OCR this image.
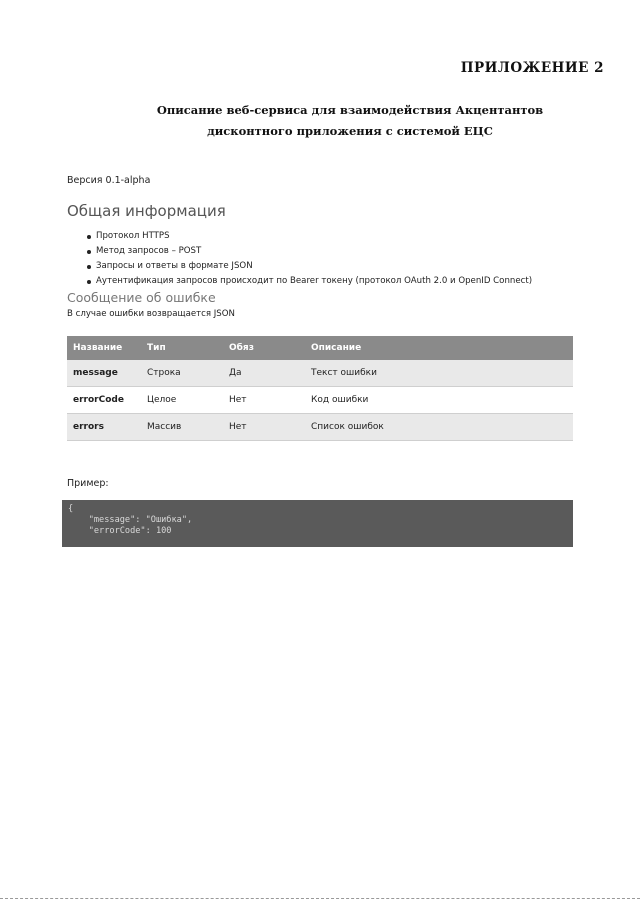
ПРИЛОЖЕНИЕ 2
Описание веб-сервиса для взаимодействия Акцентантов
дисконтного приложения с системой ЕЦС
Версия 0.1-alpha
Общая информация
Протокол HTTPS
Метод запросов – POST
Запросы и ответы в формате JSON
Аутентификация запросов происходит по Bearer токену (протокол OAuth 2.0 и OpenID Connect)
Сообщение об ошибке
В случае ошибки возвращается JSON
Название	Тип	Обяз	Описание
message	Строка	Да	Текст ошибки
errorCode	Целое	Нет	Код ошибки
errors	Массив	Нет	Список ошибок
Пример:
{
"message": "Ошибка",
"errorCode": 100
